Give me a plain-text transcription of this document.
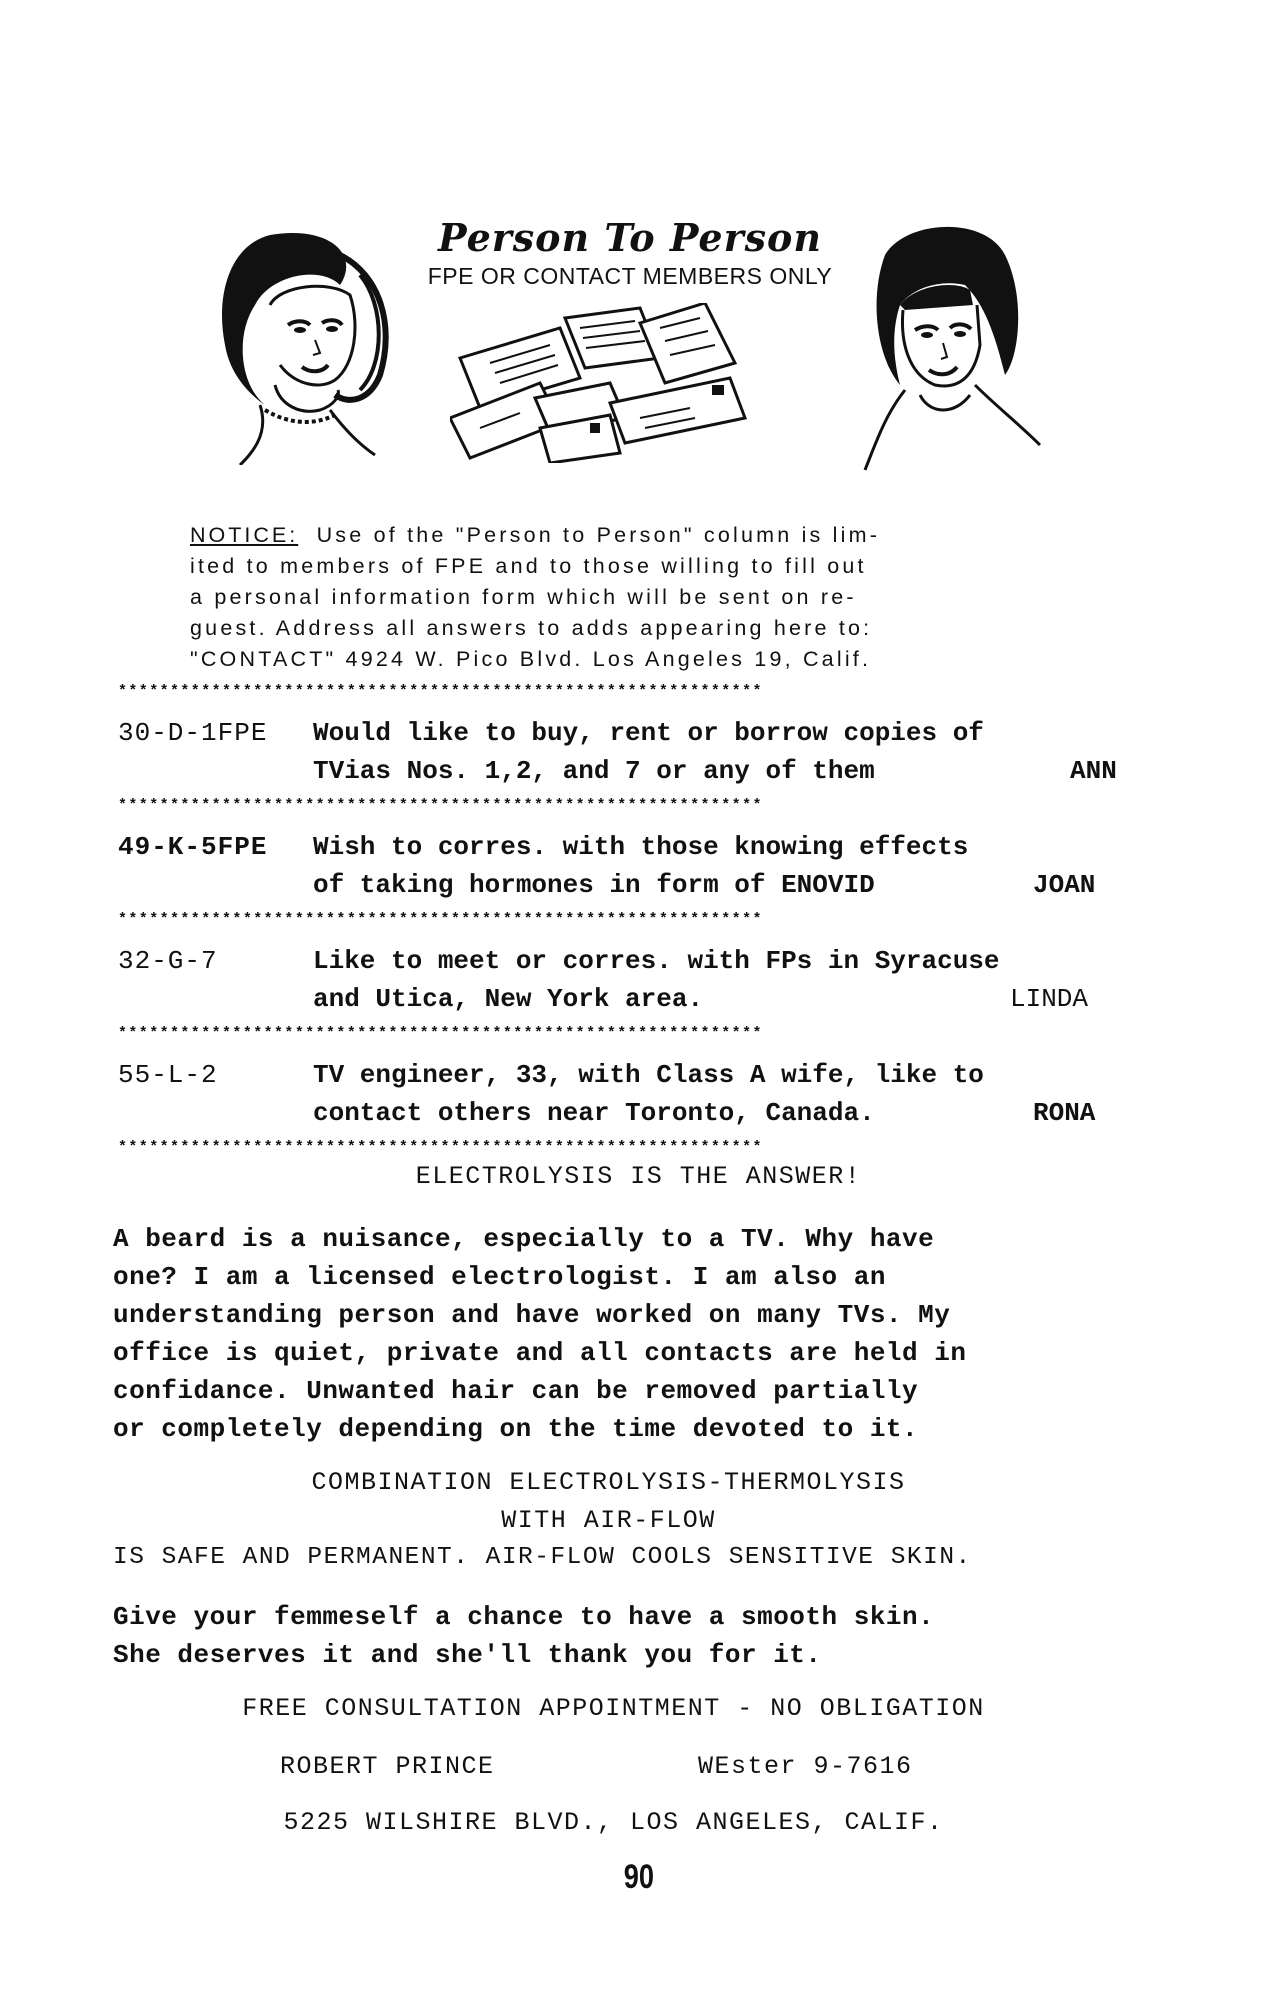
Person To Person
FPE OR CONTACT MEMBERS ONLY
NOTICE: Use of the "Person to Person" column is lim-
ited to members of FPE and to those willing to fill out
a personal information form which will be sent on re-
guest. Address all answers to adds appearing here to:
"CONTACT" 4924 W. Pico Blvd. Los Angeles 19, Calif.
**************************************************************
30-D-1FPE	Would like to buy, rent or borrow copies of
TVias Nos. 1,2, and 7 or any of them	ANN
**************************************************************
49-K-5FPE	Wish to corres. with those knowing effects
of taking hormones in form of ENOVID	JOAN
**************************************************************
32-G-7	Like to meet or corres. with FPs in Syracuse
and Utica, New York area.	LINDA
**************************************************************
55-L-2	TV engineer, 33, with Class A wife, like to
contact others near Toronto, Canada.	RONA
**************************************************************
ELECTROLYSIS IS THE ANSWER!
A beard is a nuisance, especially to a TV. Why have
one? I am a licensed electrologist. I am also an
understanding person and have worked on many TVs. My
office is quiet, private and all contacts are held in
confidance. Unwanted hair can be removed partially
or completely depending on the time devoted to it.
COMBINATION ELECTROLYSIS-THERMOLYSIS
WITH AIR-FLOW
IS SAFE AND PERMANENT. AIR-FLOW COOLS SENSITIVE SKIN.
Give your femmeself a chance to have a smooth skin.
She deserves it and she'll thank you for it.
FREE CONSULTATION APPOINTMENT - NO OBLIGATION
ROBERT PRINCE	WEster 9-7616
5225 WILSHIRE BLVD., LOS ANGELES, CALIF.
90
